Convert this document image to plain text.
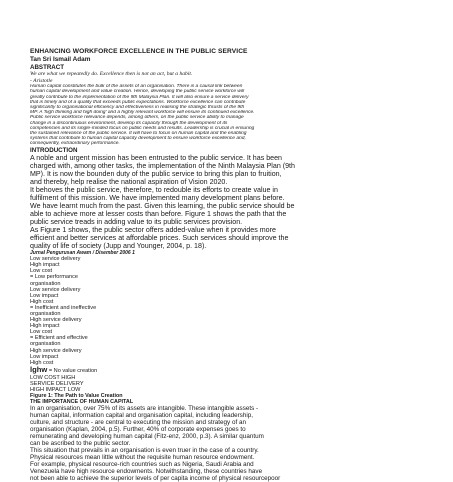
ENHANCING WORKFORCE EXCELLENCE IN THE PUBLIC SERVICE
Tan Sri Ismail Adam
ABSTRACT
We are what we repeatedly do. Excellence then is not an act, but a habit.
- Aristotle
Human capital constitutes the bulk of the assets of an organisation. There is a causal link between
human capital development and value creation. Hence, developing the public service workforce will
greatly contribute to the implementation of the 9th Malaysia Plan. It will also ensure a service delivery
that is timely and of a quality that exceeds public expectations. Workforce excellence can contribute
significantly to organisational efficiency and effectiveness in realising the strategic thrusts of the 9th
MP. A 'high thinking and high doing' and a highly relevant workforce will ensure its continued excellence.
Public service workforce relevance depends, among others, on the public service ability to manage
change in a discontinuous environment, develop its capacity through the development of its
competencies and its single-minded focus on public needs and results. Leadership is crucial in ensuring
the sustained relevance of the public service. It will have to focus on human capital and the enabling
systems that contribute to human capital capacity development to ensure workforce excellence and,
consequently, extraordinary performance.
INTRODUCTION
A noble and urgent mission has been entrusted to the public service. It has been
charged with, among other tasks, the implementation of the Ninth Malaysia Plan (9th
MP). It is now the bounden duty of the public service to bring this plan to fruition,
and thereby, help realise the national aspiration of Vision 2020.
It behoves the public service, therefore, to redouble its efforts to create value in
fulfilment of this mission. We have implemented many development plans before.
We have learnt much from the past. Given this learning, the public service should be
able to achieve more at lesser costs than before. Figure 1 shows the path that the
public service treads in adding value to its public services provision.
As Figure 1 shows, the public sector offers added-value when it provides more
efficient and better services at affordable prices. Such services should improve the
quality of life of society (Jupp and Younger, 2004, p. 18).
Jurnal Pengurusan Awam / Disember 2006 1
Low service delivery
High impact
Low cost
= Low performance
organisation
Low service delivery
Low impact
High cost
= Inefficient and ineffective
organisation
High service delivery
High impact
Low cost
= Efficient and effective
organisation
High service delivery
Low impact
High cost
lghw = No value creation
LOW COST HIGH
SERVICE DELIVERY
HIGH IMPACT LOW
Figure 1: The Path to Value Creation
THE IMPORTANCE OF HUMAN CAPITAL
In an organisation, over 75% of its assets are intangible. These intangible assets -
human capital, information capital and organisation capital, including leadership,
culture, and structure - are central to executing the mission and strategy of an
organisation (Kaplan, 2004, p.5). Further, 40% of corporate expenses goes to
remunerating and developing human capital (Fitz-enz, 2000, p.3). A similar quantum
can be ascribed to the public sector.
This situation that prevails in an organisation is even truer in the case of a country.
Physical resources mean little without the requisite human resource endowment.
For example, physical resource-rich countries such as Nigeria, Saudi Arabia and
Venezuela have high resource endowments. Notwithstanding, these countries have
not been able to achieve the superior levels of per capita income of physical resourcepoor
